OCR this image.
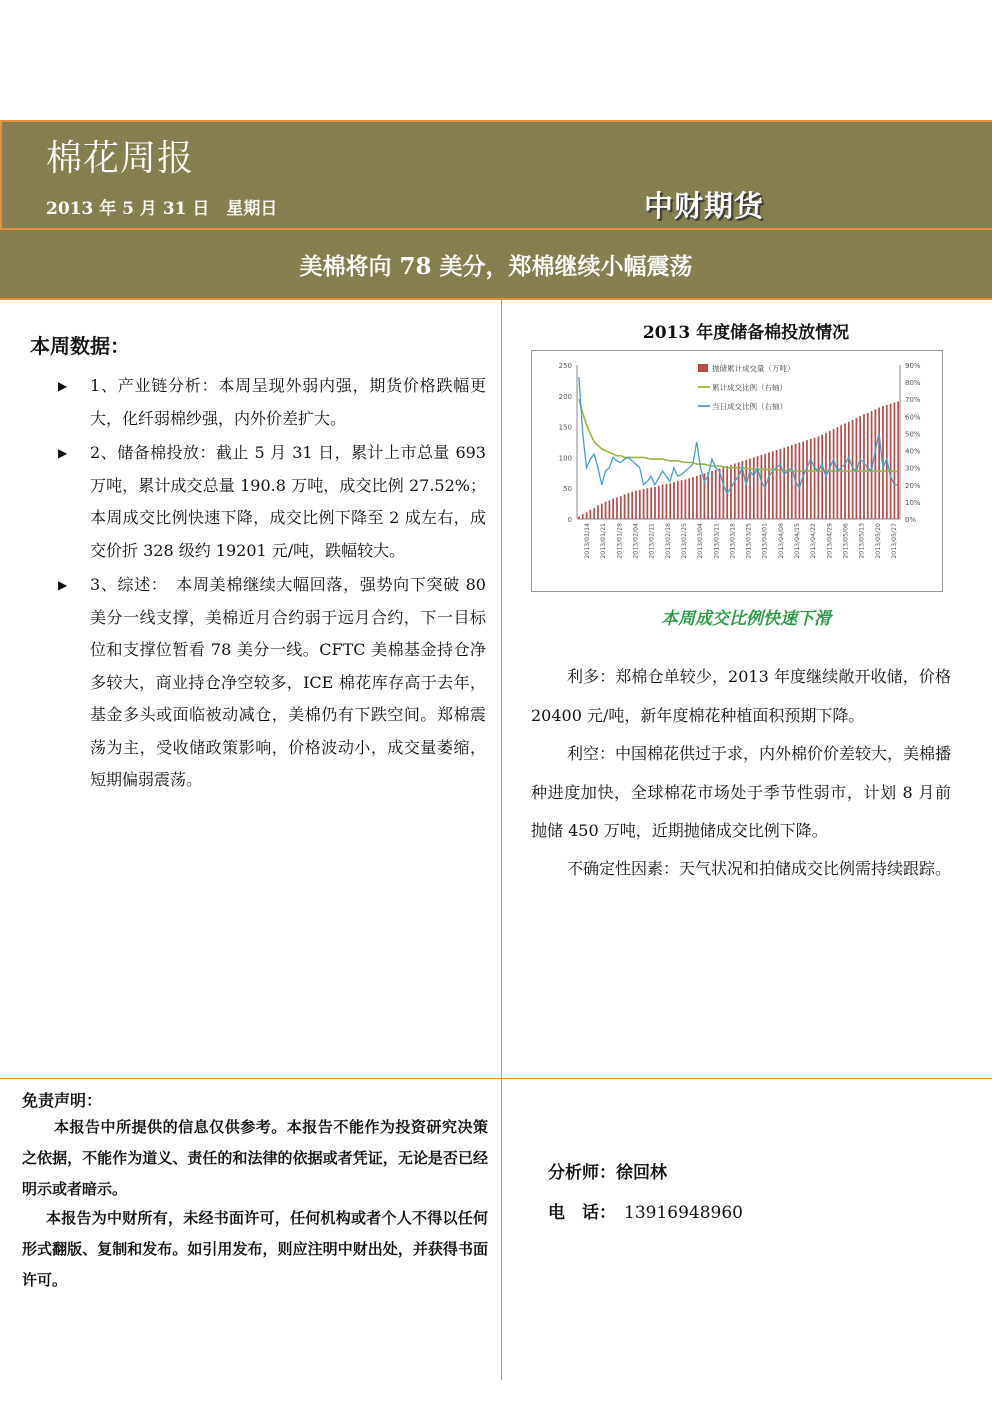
棉花周报
2013 年 5 月 31 日　星期日	中财期货
美棉将向 78 美分，郑棉继续小幅震荡
本周数据：
▶ 1、产业链分析：本周呈现外弱内强，期货价格跌幅更大，化纤弱棉纱强，内外价差扩大。
▶ 2、储备棉投放：截止 5 月 31 日，累计上市总量 693 万吨，累计成交总量 190.8 万吨，成交比例 27.52%；本周成交比例快速下降，成交比例下降至 2 成左右，成交价折 328 级约 19201 元/吨，跌幅较大。
▶ 3、综述：　本周美棉继续大幅回落，强势向下突破 80 美分一线支撑，美棉近月合约弱于远月合约，下一目标位和支撑位暂看 78 美分一线。CFTC 美棉基金持仓净多较大，商业持仓净空较多，ICE 棉花库存高于去年，基金多头或面临被动减仓，美棉仍有下跌空间。郑棉震荡为主，受收储政策影响，价格波动小，成交量萎缩，短期偏弱震荡。
2013 年度储备棉投放情况
0
50
100
150
200
250
0%
10%
20%
30%
40%
50%
60%
70%
80%
90%
2013/01/14 2013/01/21 2013/01/28 2013/02/04 2013/02/11 2013/02/18 2013/02/25 2013/03/04 2013/03/11 2013/03/18 2013/03/25 2013/04/01 2013/04/08 2013/04/15 2013/04/22 2013/04/29 2013/05/06 2013/05/13 2013/05/20 2013/05/27
抛储累计成交量（万吨）
累计成交比例（右轴）
当日成交比例（右轴）
本周成交比例快速下滑

利多：郑棉仓单较少，2013 年度继续敞开收储，价格 20400 元/吨，新年度棉花种植面积预期下降。

利空：中国棉花供过于求，内外棉价价差较大，美棉播种进度加快，全球棉花市场处于季节性弱市，计划 8 月前抛储 450 万吨，近期抛储成交比例下降。

不确定性因素：天气状况和拍储成交比例需持续跟踪。

免责声明：

本报告中所提供的信息仅供参考。本报告不能作为投资研究决策之依据，不能作为道义、责任的和法律的依据或者凭证，无论是否已经明示或者暗示。

本报告为中财所有，未经书面许可，任何机构或者个人不得以任何形式翻版、复制和发布。如引用发布，则应注明中财出处，并获得书面许可。

分析师：徐回林
电　话： 13916948960
